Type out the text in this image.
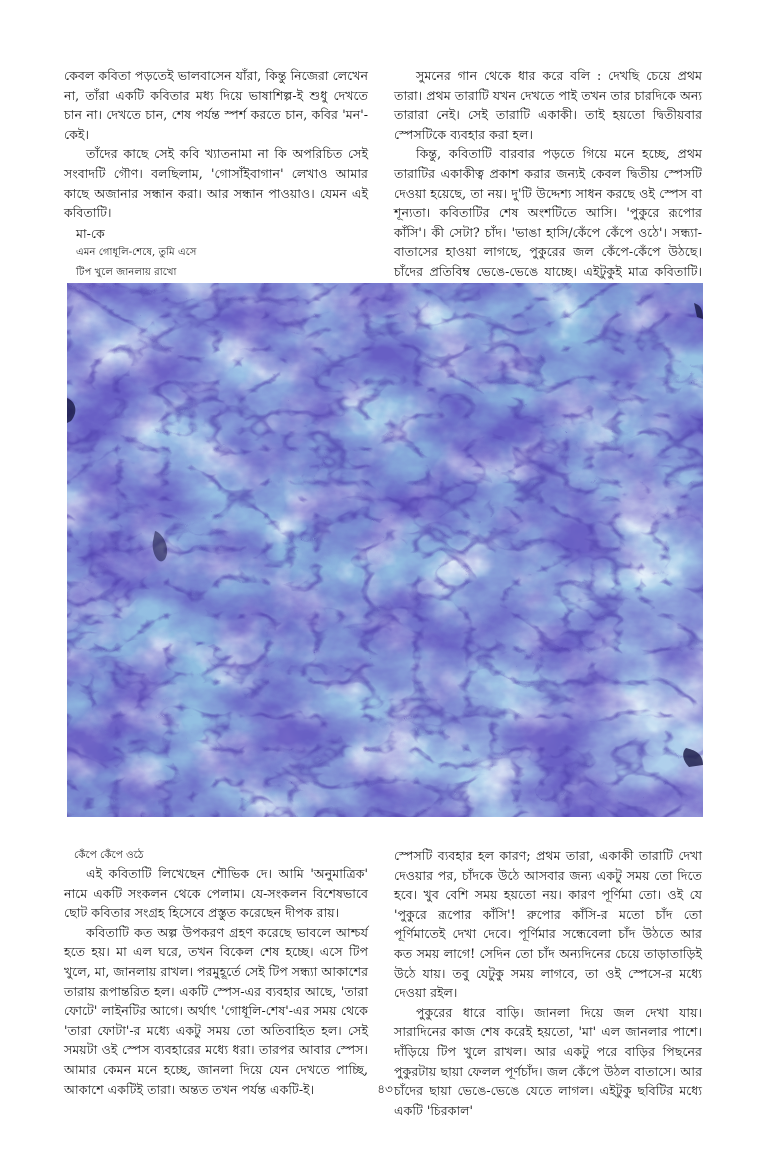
কেবল কবিতা পড়তেই ভালবাসেন যাঁরা, কিন্তু নিজেরা লেখেন না, তাঁরা একটি কবিতার মধ্য দিয়ে ভাষাশিল্প-ই শুধু দেখতে চান না। দেখতে চান, শেষ পর্যন্ত স্পর্শ করতে চান, কবির 'মন'-কেই।

তাঁদের কাছে সেই কবি খ্যাতনামা না কি অপরিচিত সেই সংবাদটি গৌণ। বলছিলাম, 'গোসাঁইবাগান' লেখাও আমার কাছে অজানার সন্ধান করা। আর সন্ধান পাওয়াও। যেমন এই কবিতাটি।

মা-কে
এমন গোধূলি-শেষে, তুমি এসে
টিপ খুলে জানলায় রাখো

সুমনের গান থেকে ধার করে বলি : দেখছি চেয়ে প্রথম তারা। প্রথম তারাটি যখন দেখতে পাই তখন তার চারদিকে অন্য তারারা নেই। সেই তারাটি একাকী। তাই হয়তো দ্বিতীয়বার স্পেসটিকে ব্যবহার করা হল।

কিন্তু, কবিতাটি বারবার পড়তে গিয়ে মনে হচ্ছে, প্রথম তারাটির একাকীত্ব প্রকাশ করার জন্যই কেবল দ্বিতীয় স্পেসটি দেওয়া হয়েছে, তা নয়। দু'টি উদ্দেশ্য সাধন করছে ওই স্পেস বা শূন্যতা। কবিতাটির শেষ অংশটিতে আসি। 'পুকুরে রূপোর কাঁসি'। কী সেটা? চাঁদ। 'ভাঙা হাসি/কেঁপে কেঁপে ওঠে'। সন্ধ্যা-বাতাসের হাওয়া লাগছে, পুকুরের জল কেঁপে-কেঁপে উঠছে। চাঁদের প্রতিবিম্ব ভেঙে-ভেঙে যাচ্ছে। এইটুকুই মাত্র কবিতাটি।

কেঁপে কেঁপে ওঠে

এই কবিতাটি লিখেছেন শৌভিক দে। আমি 'অনুমাত্রিক' নামে একটি সংকলন থেকে পেলাম। যে-সংকলন বিশেষভাবে ছোট কবিতার সংগ্রহ হিসেবে প্রস্তুত করেছেন দীপক রায়।

কবিতাটি কত অল্প উপকরণ গ্রহণ করেছে ভাবলে আশ্চর্য হতে হয়। মা এল ঘরে, তখন বিকেল শেষ হচ্ছে। এসে টিপ খুলে, মা, জানলায় রাখল। পরমুহূর্তে সেই টিপ সন্ধ্যা আকাশের তারায় রূপান্তরিত হল। একটি স্পেস-এর ব্যবহার আছে, 'তারা ফোটে' লাইনটির আগে। অর্থাৎ 'গোধূলি-শেষ'-এর সময় থেকে 'তারা ফোটা'-র মধ্যে একটু সময় তো অতিবাহিত হল। সেই সময়টা ওই স্পেস ব্যবহারের মধ্যে ধরা। তারপর আবার স্পেস। আমার কেমন মনে হচ্ছে, জানলা দিয়ে যেন দেখতে পাচ্ছি, আকাশে একটিই তারা। অন্তত তখন পর্যন্ত একটি-ই।

স্পেসটি ব্যবহার হল কারণ; প্রথম তারা, একাকী তারাটি দেখা দেওয়ার পর, চাঁদকে উঠে আসবার জন্য একটু সময় তো দিতে হবে। খুব বেশি সময় হয়তো নয়। কারণ পূর্ণিমা তো। ওই যে 'পুকুরে রূপোর কাঁসি'! রুপোর কাঁসি-র মতো চাঁদ তো পূর্ণিমাতেই দেখা দেবে। পূর্ণিমার সন্ধেবেলা চাঁদ উঠতে আর কত সময় লাগে! সেদিন তো চাঁদ অন্যদিনের চেয়ে তাড়াতাড়িই উঠে যায়। তবু যেটুকু সময় লাগবে, তা ওই স্পেসে-র মধ্যে দেওয়া রইল।

পুকুরের ধারে বাড়ি। জানলা দিয়ে জল দেখা যায়। সারাদিনের কাজ শেষ করেই হয়তো, 'মা' এল জানলার পাশে। দাঁড়িয়ে টিপ খুলে রাখল। আর একটু পরে বাড়ির পিছনের পুকুরটায় ছায়া ফেলল পূর্ণচাঁদ। জল কেঁপে উঠল বাতাসে। আর চাঁদের ছায়া ভেঙে-ভেঙে যেতে লাগল। এইটুকু ছবিটির মধ্যে একটি 'চিরকাল'

৪৩
